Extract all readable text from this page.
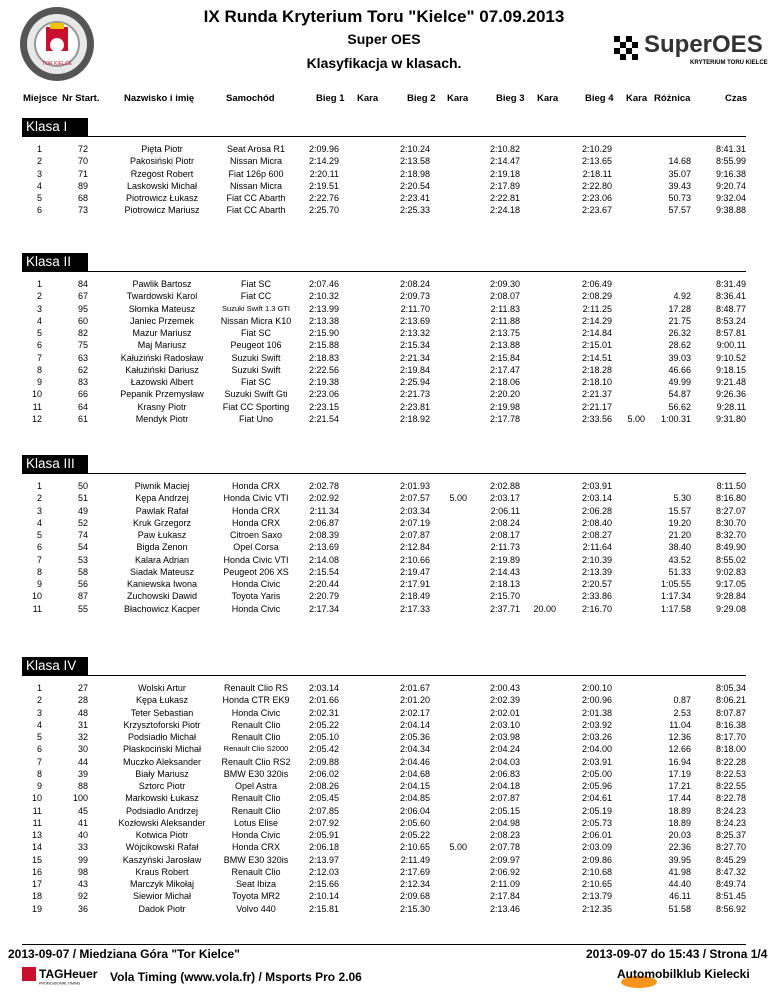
TOR KIELCE
IX Runda Kryterium Toru "Kielce" 07.09.2013
Super OES
Klasyfikacja w klasach.
SuperOES
KRYTERIUM TORU KIELCE
Miejsce Nr Start.	Nazwisko i imię	Samochód	Bieg 1 Kara	Bieg 2 Kara	Bieg 3 Kara	Bieg 4 Kara Różnica	Czas
Klasa I
1	72	Pięta Piotr	Seat Arosa R1	2:09.96	2:10.24	2:10.82	2:10.29	8:41.31
2	70	Pakosiński Piotr	Nissan Micra	2:14.29	2:13.58	2:14.47	2:13.65	14.68	8:55.99
3	71	Rzegost Robert	Fiat 126p 600	2:20.11	2:18.98	2:19.18	2:18.11	35.07	9:16.38
4	89	Laskowski Michał	Nissan Micra	2:19.51	2:20.54	2:17.89	2:22.80	39.43	9:20.74
5	68	Piotrowicz Łukasz	Fiat CC Abarth	2:22.76	2:23.41	2:22.81	2:23.06	50.73	9:32.04
6	73	Piotrowicz Mariusz	Fiat CC Abarth	2:25.70	2:25.33	2:24.18	2:23.67	57.57	9:38.88
Klasa II
1	84	Pawlik Bartosz	Fiat SC	2:07.46	2:08.24	2:09.30	2:06.49	8:31.49
2	67	Twardowski Karol	Fiat CC	2:10.32	2:09.73	2:08.07	2:08.29	4.92	8:36.41
3	95	Słomka Mateusz	Suzuki Swift 1.3 GTI	2:13.99	2:11.70	2:11.83	2:11.25	17.28	8:48.77
4	60	Janiec Przemek	Nissan Micra K10	2:13.38	2:13.69	2:11.88	2:14.29	21.75	8:53.24
5	82	Mazur Mariusz	Fiat SC	2:15.90	2:13.32	2:13.75	2:14.84	26.32	8:57.81
6	75	Maj Mariusz	Peugeot 106	2:15.88	2:15.34	2:13.88	2:15.01	28.62	9:00.11
7	63	Kałużiński Radosław	Suzuki Swift	2:18.83	2:21.34	2:15.84	2:14.51	39.03	9:10.52
8	62	Kałużiński Dariusz	Suzuki Swift	2:22.56	2:19.84	2:17.47	2:18.28	46.66	9:18.15
9	83	Łazowski Albert	Fiat SC	2:19.38	2:25.94	2:18.06	2:18.10	49.99	9:21.48
10	66	Pepanik Przemysław	Suzuki Swift Gti	2:23.06	2:21.73	2:20.20	2:21.37	54.87	9:26.36
11	64	Krasny Piotr	Fiat CC Sporting	2:23.15	2:23.81	2:19.98	2:21.17	56.62	9:28.11
12	61	Mendyk Piotr	Fiat Uno	2:21.54	2:18.92	2:17.78	2:33.56 5.00 1:00.31	9:31.80
Klasa III
1	50	Piwnik Maciej	Honda CRX	2:02.78	2:01.93	2:02.88	2:03.91	8:11.50
2	51	Kępa Andrzej	Honda Civic VTI	2:02.92	2:07.57 5.00	2:03.17	2:03.14	5.30	8:16.80
3	49	Pawlak Rafał	Honda CRX	2:11.34	2:03.34	2:06.11	2:06.28	15.57	8:27.07
4	52	Kruk Grzegorz	Honda CRX	2:06.87	2:07.19	2:08.24	2:08.40	19.20	8:30.70
5	74	Paw Łukasz	Citroen Saxo	2:08.39	2:07.87	2:08.17	2:08.27	21.20	8:32.70
6	54	Bigda Zenon	Opel Corsa	2:13.69	2:12.84	2:11.73	2:11.64	38.40	8:49.90
7	53	Kalara Adrian	Honda Civic VTI	2:14.08	2:10.66	2:19.89	2:10.39	43.52	8:55.02
8	58	Siadak Mateusz	Peugeot 206 XS	2:15.54	2:19.47	2:14.43	2:13.39	51.33	9:02.83
9	56	Kaniewska Iwona	Honda Civic	2:20.44	2:17.91	2:18.13	2:20.57	1:05.55	9:17.05
10	87	Zuchowski Dawid	Toyota Yaris	2:20.79	2:18.49	2:15.70	2:33.86	1:17.34	9:28.84
11	55	Błachowicz Kacper	Honda Civic	2:17.34	2:17.33	2:37.71 20.00	2:16.70	1:17.58	9:29.08
Klasa IV
1	27	Wolski Artur	Renault Clio RS	2:03.14	2:01.67	2:00.43	2:00.10	8:05.34
2	28	Kępa Łukasz	Honda CTR EK9	2:01.66	2:01.20	2:02.39	2:00.96	0.87	8:06.21
3	48	Teter Sebastian	Honda Civic	2:02.31	2:02.17	2:02.01	2:01.38	2.53	8:07.87
4	31	Krzysztoforski Piotr	Renault Clio	2:05.22	2:04.14	2:03.10	2:03.92	11.04	8:16.38
5	32	Podsiadło Michał	Renault Clio	2:05.10	2:05.36	2:03.98	2:03.26	12.36	8:17.70
6	30	Płaskociński Michał	Renault Clio S2000	2:05.42	2:04.34	2:04.24	2:04.00	12.66	8:18.00
7	44	Muczko Aleksander	Renault Clio RS2	2:09.88	2:04.46	2:04.03	2:03.91	16.94	8:22.28
8	39	Biały Mariusz	BMW E30 320is	2:06.02	2:04.68	2:06.83	2:05.00	17.19	8:22.53
9	88	Sztorc Piotr	Opel Astra	2:08.26	2:04.15	2:04.18	2:05.96	17.21	8:22.55
10	100	Markowski Łukasz	Renault Clio	2:05.45	2:04.85	2:07.87	2:04.61	17.44	8:22.78
11	45	Podsiadło Andrzej	Renault Clio	2:07.85	2:06.04	2:05.15	2:05.19	18.89	8:24.23
11	41	Kozłowski Aleksander	Lotus Elise	2:07.92	2:05.60	2:04.98	2:05.73	18.89	8:24.23
13	40	Kotwica Piotr	Honda Civic	2:05.91	2:05.22	2:08.23	2:06.01	20.03	8:25.37
14	33	Wójcikowski Rafał	Honda CRX	2:06.18	2:10.65 5.00	2:07.78	2:03.09	22.36	8:27.70
15	99	Kaszyński Jarosław	BMW E30 320is	2:13.97	2:11.49	2:09.97	2:09.86	39.95	8:45.29
16	98	Kraus Robert	Renault Clio	2:12.03	2:17.69	2:06.92	2:10.68	41.98	8:47.32
17	43	Marczyk Mikołaj	Seat Ibiza	2:15.66	2:12.34	2:11.09	2:10.65	44.40	8:49.74
18	92	Siewior Michał	Toyota MR2	2:10.14	2:09.68	2:17.84	2:13.79	46.11	8:51.45
19	36	Dadok Piotr	Volvo 440	2:15.81	2:15.30	2:13.46	2:12.35	51.58	8:56.92
2013-09-07 / Miedziana Góra "Tor Kielce"	2013-09-07 do 15:43 / Strona 1/4
TAGHeuer
PROFESSIONAL TIMING Vola Timing (www.vola.fr) / Msports Pro 2.06	Automobilklub Kielecki
